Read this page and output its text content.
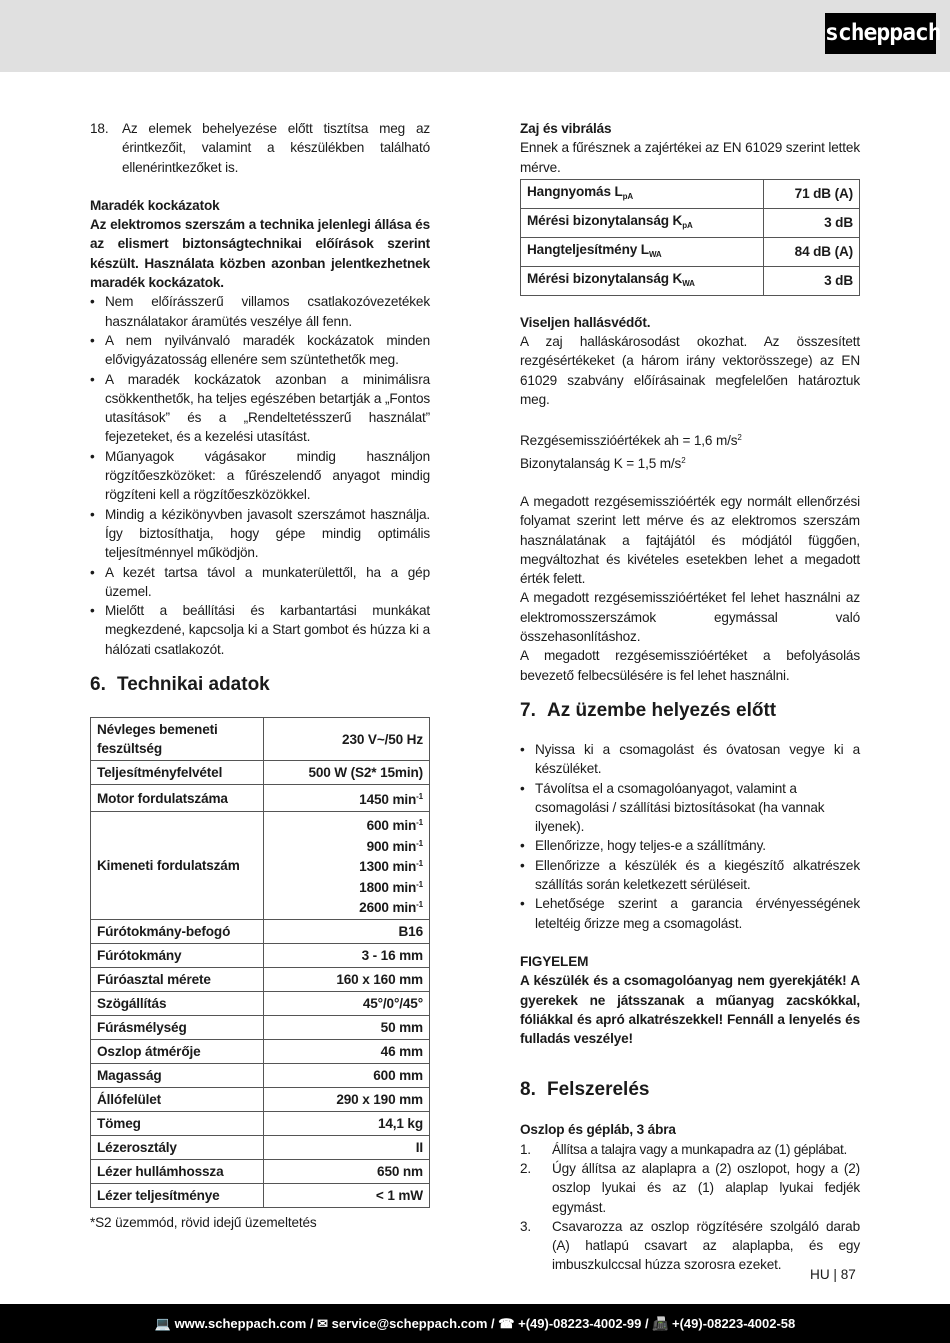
scheppach
18. Az elemek behelyezése előtt tisztítsa meg az érintkezőit, valamint a készülékben található ellenérintkezőket is.

Maradék kockázatok

Az elektromos szerszám a technika jelenlegi állása és az elismert biztonságtechnikai előírások szerint készült. Használata közben azonban jelentkezhetnek maradék kockázatok.

• Nem előírásszerű villamos csatlakozóvezetékek használatakor áramütés veszélye áll fenn.
• A nem nyilvánvaló maradék kockázatok minden elővigyázatosság ellenére sem szüntethetők meg.
• A maradék kockázatok azonban a minimálisra csökkenthetők, ha teljes egészében betartják a „Fontos utasítások” és a „Rendeltetésszerű használat” fejezeteket, és a kezelési utasítást.
• Műanyagok vágásakor mindig használjon rögzítőeszközöket: a fűrészelendő anyagot mindig rögzíteni kell a rögzítőeszközökkel.
• Mindig a kézikönyvben javasolt szerszámot használja. Így biztosíthatja, hogy gépe mindig optimális teljesítménnyel működjön.
• A kezét tartsa távol a munkaterülettől, ha a gép üzemel.
• Mielőtt a beállítási és karbantartási munkákat megkezdené, kapcsolja ki a Start gombot és húzza ki a hálózati csatlakozót.
6. Technikai adatok
Névleges bemeneti feszültség	230 V~/50 Hz
Teljesítményfelvétel	500 W (S2* 15min)
Motor fordulatszáma	1450 $\min^{-1}$
Kimeneti fordulatszám	600 $\min^{-1}$
900 $\min^{-1}$
1300 $\min^{-1}$
1800 $\min^{-1}$
2600 $\min^{-1}$

Fúrótokmány-befogó	B16
Fúrótokmány	3 - 16 mm
Fúróasztal mérete	160 x 160 mm
Szögállítás	45°/0°/45°
Fúrásmélység	50 mm
Oszlop átmérője	46 mm
Magasság	600 mm
Állófelület	290 x 190 mm
Tömeg	14,1 kg
Lézerosztály	II
Lézer hullámhossza	650 nm
Lézer teljesítménye	< 1 mW

*S2 üzemmód, rövid idejű üzemeltetés

Zaj és vibrálás

Ennek a fűrésznek a zajértékei az EN 61029 szerint lettek mérve.

Hangnyomás $L_{pA}$	71 dB (A)
Mérési bizonytalanság $K_{pA}$	3 dB
Hangteljesítmény $L_{WA}$	84 dB (A)
Mérési bizonytalanság $K_{WA}$	3 dB

Viseljen hallásvédőt.

A zaj halláskárosodást okozhat. Az összesített rezgésértékeket (a három irány vektorösszege) az EN 61029 szabvány előírásainak megfelelően határoztuk meg.

Rezgésemisszióértékek ah = 1,6 $m/s^2$

Bizonytalanság K = 1,5 $m/s^2$

A megadott rezgésemisszióérték egy normált ellenőrzési folyamat szerint lett mérve és az elektromos szerszám használatának a fajtájától és módjától függően, megváltozhat és kivételes esetekben lehet a megadott érték felett.

A megadott rezgésemisszióértéket fel lehet használni az elektromosszerszámok egymással való összehasonlításhoz.

A megadott rezgésemisszióértéket a befolyásolás bevezető felbecsülésére is fel lehet használni.

7. Az üzembe helyezés előtt
• Nyissa ki a csomagolást és óvatosan vegye ki a készüléket.
• Távolítsa el a csomagolóanyagot, valamint a csomagolási / szállítási biztosításokat (ha vannak ilyenek).
• Ellenőrizze, hogy teljes-e a szállítmány.
• Ellenőrizze a készülék és a kiegészítő alkatrészek szállítás során keletkezett sérüléseit.
• Lehetősége szerint a garancia érvényességének leteltéig őrizze meg a csomagolást.

FIGYELEM

A készülék és a csomagolóanyag nem gyerekjáték! A gyerekek ne játsszanak a műanyag zacskókkal, fóliákkal és apró alkatrészekkel! Fennáll a lenyelés és fulladás veszélye!

8. Felszerelés

Oszlop és gépláb, 3 ábra

1. Állítsa a talajra vagy a munkapadra az (1) géplábat.
2. Úgy állítsa az alaplapra a (2) oszlopot, hogy a (2) oszlop lyukai és az (1) alaplap lyukai fedjék egymást.
3. Csavarozza az oszlop rögzítésére szolgáló darab (A) hatlapú csavart az alaplapba, és egy imbuszkulccsal húzza szorosra ezeket.
HU | 87
💻 www.scheppach.com / ✉ service@scheppach.com / ☎ +(49)-08223-4002-99 / 📠 +(49)-08223-4002-58
